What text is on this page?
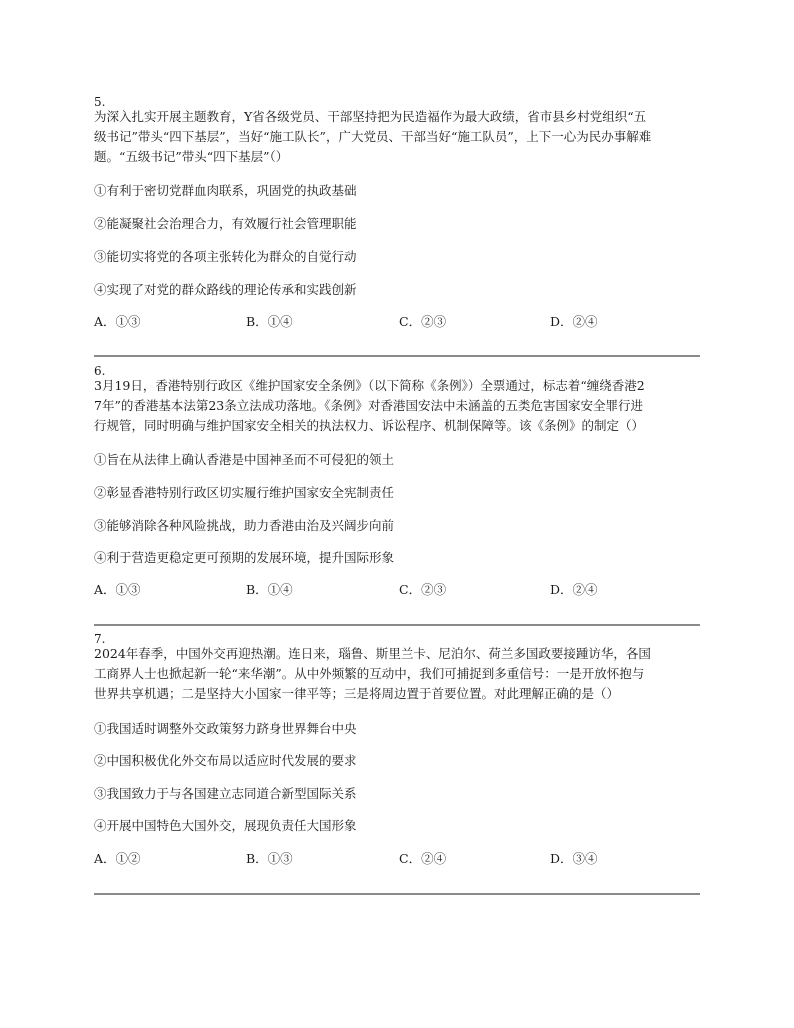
5.
为深入扎实开展主题教育，Y省各级党员、干部坚持把为民造福作为最大政绩，省市县乡村党组织“五
级书记”带头“四下基层”，当好“施工队长”，广大党员、干部当好“施工队员”，上下一心为民办事解难
题。“五级书记”带头“四下基层”（）
①有利于密切党群血肉联系，巩固党的执政基础
②能凝聚社会治理合力，有效履行社会管理职能
③能切实将党的各项主张转化为群众的自觉行动
④实现了对党的群众路线的理论传承和实践创新
A．①③	B．①④	C．②③	D．②④
6.
3月19日，香港特别行政区《维护国家安全条例》（以下简称《条例》）全票通过，标志着“缠绕香港2
7年”的香港基本法第23条立法成功落地。《条例》对香港国安法中未涵盖的五类危害国家安全罪行进
行规管，同时明确与维护国家安全相关的执法权力、诉讼程序、机制保障等。该《条例》的制定（）
①旨在从法律上确认香港是中国神圣而不可侵犯的领土
②彰显香港特别行政区切实履行维护国家安全宪制责任
③能够消除各种风险挑战，助力香港由治及兴阔步向前
④利于营造更稳定更可预期的发展环境，提升国际形象
A．①③	B．①④	C．②③	D．②④
7.
2024年春季，中国外交再迎热潮。连日来，瑙鲁、斯里兰卡、尼泊尔、荷兰多国政要接踵访华，各国
工商界人士也掀起新一轮“来华潮”。从中外频繁的互动中，我们可捕捉到多重信号：一是开放怀抱与
世界共享机遇；二是坚持大小国家一律平等；三是将周边置于首要位置。对此理解正确的是（）
①我国适时调整外交政策努力跻身世界舞台中央
②中国积极优化外交布局以适应时代发展的要求
③我国致力于与各国建立志同道合新型国际关系
④开展中国特色大国外交，展现负责任大国形象
A．①②	B．①③	C．②④	D．③④
